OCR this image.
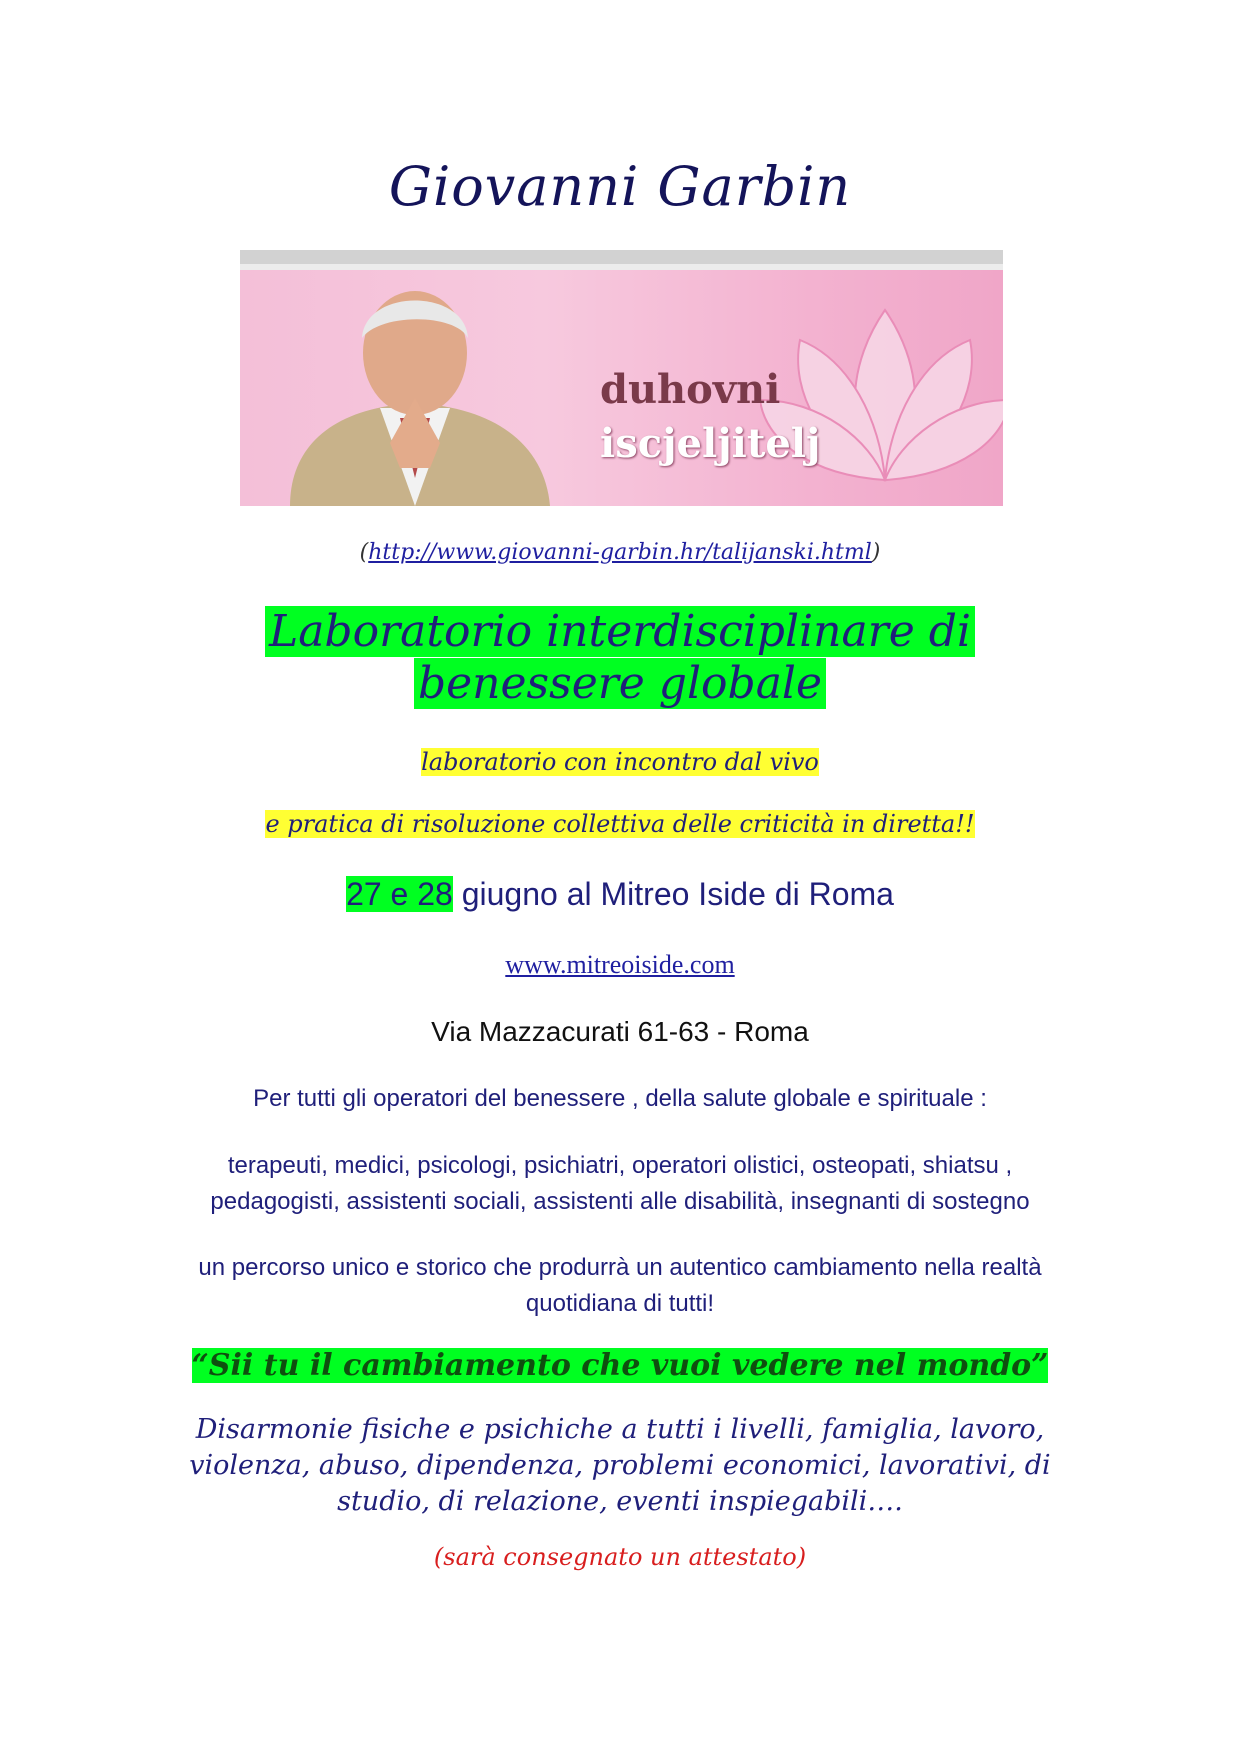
Giovanni Garbin
duhovni
iscjeljitelj
(http://www.giovanni-garbin.hr/talijanski.html)
Laboratorio interdisciplinare di
benessere globale
laboratorio con incontro dal vivo
e pratica di risoluzione collettiva delle criticità in diretta!!
27 e 28 giugno al Mitreo Iside di Roma
www.mitreoiside.com
Via Mazzacurati 61-63 - Roma
Per tutti gli operatori del benessere , della salute globale e spirituale :
terapeuti, medici, psicologi, psichiatri, operatori olistici, osteopati, shiatsu ,
pedagogisti, assistenti sociali, assistenti alle disabilità, insegnanti di sostegno
un percorso unico e storico che produrrà un autentico cambiamento nella realtà
quotidiana di tutti!
“Sii tu il cambiamento che vuoi vedere nel mondo”
Disarmonie fisiche e psichiche a tutti i livelli, famiglia, lavoro,
violenza, abuso, dipendenza, problemi economici, lavorativi, di
studio, di relazione, eventi inspiegabili….
(sarà consegnato un attestato)
